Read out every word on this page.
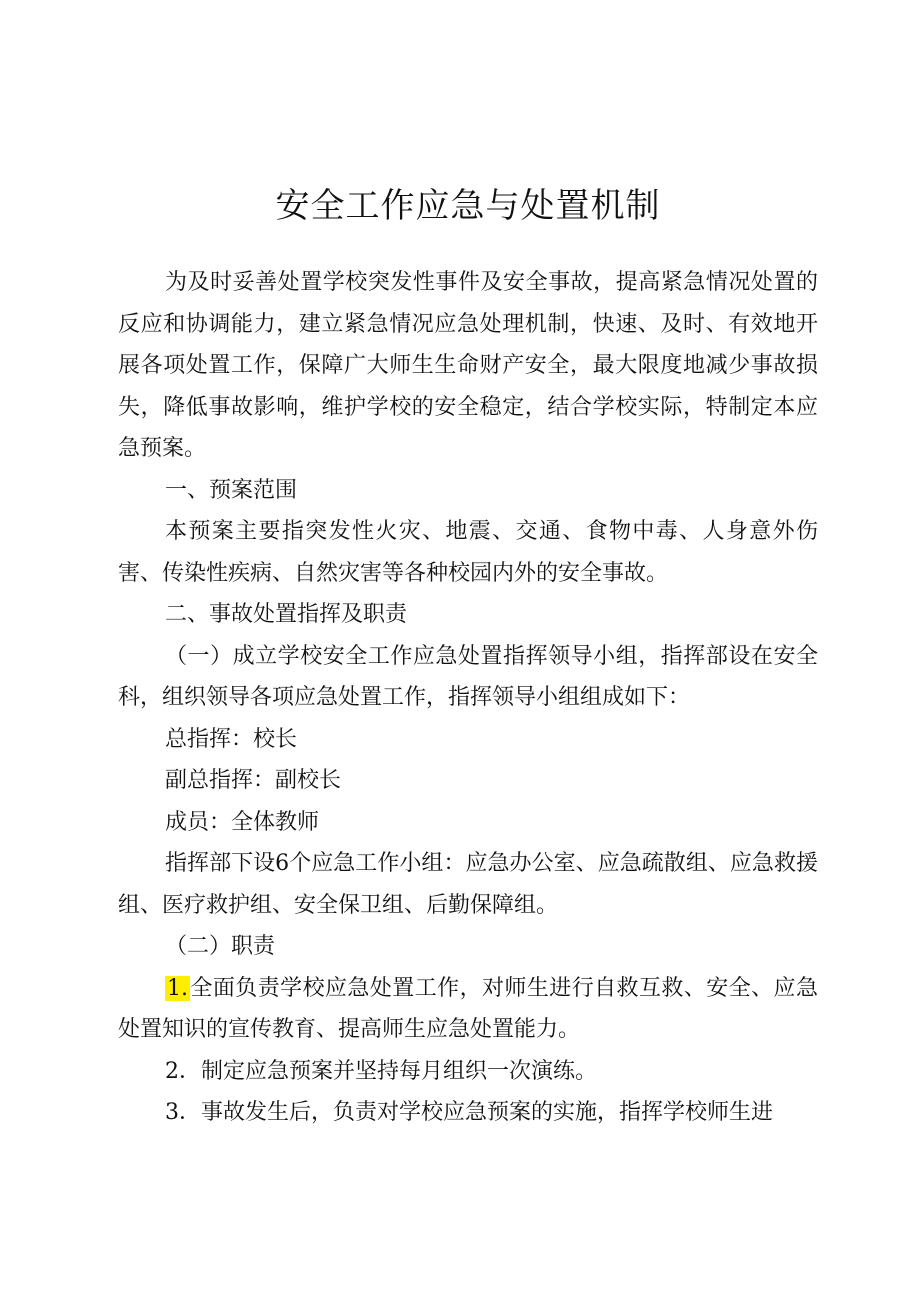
安全工作应急与处置机制

为及时妥善处置学校突发性事件及安全事故，提高紧急情况处置的反应和协调能力，建立紧急情况应急处理机制，快速、及时、有效地开展各项处置工作，保障广大师生生命财产安全，最大限度地减少事故损失，降低事故影响，维护学校的安全稳定，结合学校实际，特制定本应急预案。

一、预案范围

本预案主要指突发性火灾、地震、交通、食物中毒、人身意外伤害、传染性疾病、自然灾害等各种校园内外的安全事故。

二、事故处置指挥及职责

（一）成立学校安全工作应急处置指挥领导小组，指挥部设在安全科，组织领导各项应急处置工作，指挥领导小组组成如下：

总指挥：校长

副总指挥：副校长

成员：全体教师

指挥部下设6个应急工作小组：应急办公室、应急疏散组、应急救援组、医疗救护组、安全保卫组、后勤保障组。

（二）职责

1.全面负责学校应急处置工作，对师生进行自救互救、安全、应急处置知识的宣传教育、提高师生应急处置能力。

2．制定应急预案并坚持每月组织一次演练。

3．事故发生后，负责对学校应急预案的实施，指挥学校师生进
